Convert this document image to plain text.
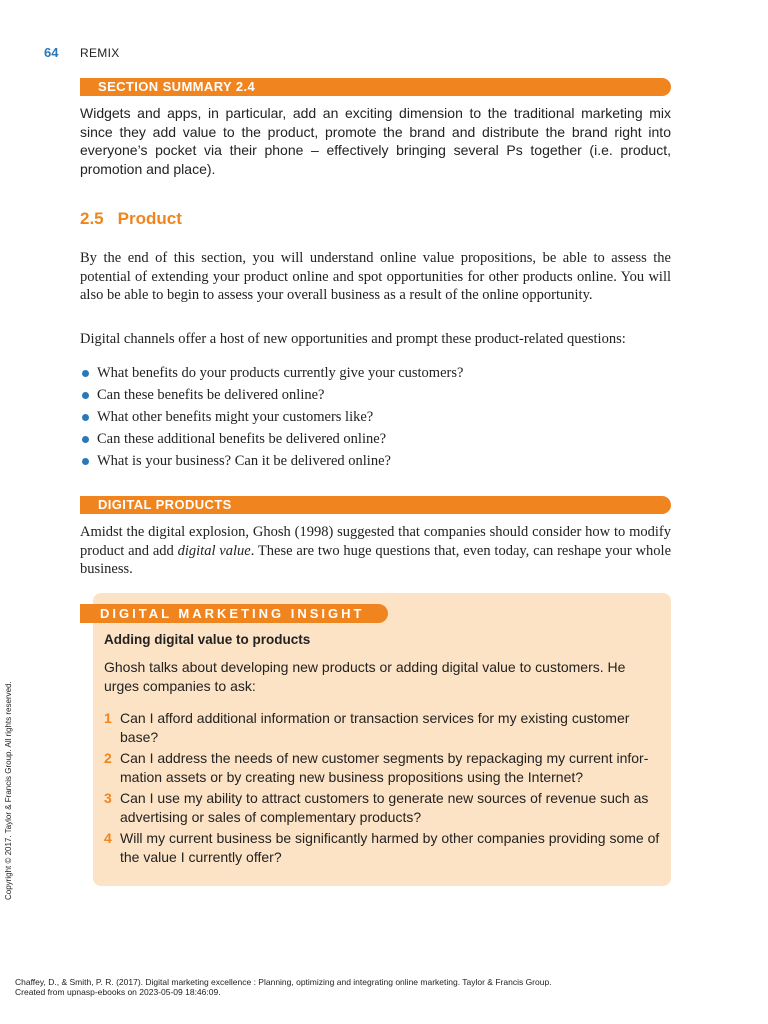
64 REMIX
SECTION SUMMARY 2.4
Widgets and apps, in particular, add an exciting dimension to the traditional marketing mix since they add value to the product, promote the brand and distribute the brand right into everyone’s pocket via their phone – effectively bringing several Ps together (i.e. product, promotion and place).
2.5 Product
By the end of this section, you will understand online value propositions, be able to assess the potential of extending your product online and spot opportunities for other products online. You will also be able to begin to assess your overall business as a result of the online opportunity.
Digital channels offer a host of new opportunities and prompt these product-related questions:
What benefits do your products currently give your customers?
Can these benefits be delivered online?
What other benefits might your customers like?
Can these additional benefits be delivered online?
What is your business? Can it be delivered online?
DIGITAL PRODUCTS
Amidst the digital explosion, Ghosh (1998) suggested that companies should consider how to modify product and add digital value. These are two huge questions that, even today, can reshape your whole business.
DIGITAL MARKETING INSIGHT
Adding digital value to products
Ghosh talks about developing new products or adding digital value to customers. He urges companies to ask:
1 Can I afford additional information or transaction services for my existing customer base?
2 Can I address the needs of new customer segments by repackaging my current infor-mation assets or by creating new business propositions using the Internet?
3 Can I use my ability to attract customers to generate new sources of revenue such as advertising or sales of complementary products?
4 Will my current business be significantly harmed by other companies providing some of the value I currently offer?
Copyright © 2017. Taylor & Francis Group. All rights reserved.
Chaffey, D., & Smith, P. R. (2017). Digital marketing excellence : Planning, optimizing and integrating online marketing. Taylor & Francis Group.
Created from upnasp-ebooks on 2023-05-09 18:46:09.
